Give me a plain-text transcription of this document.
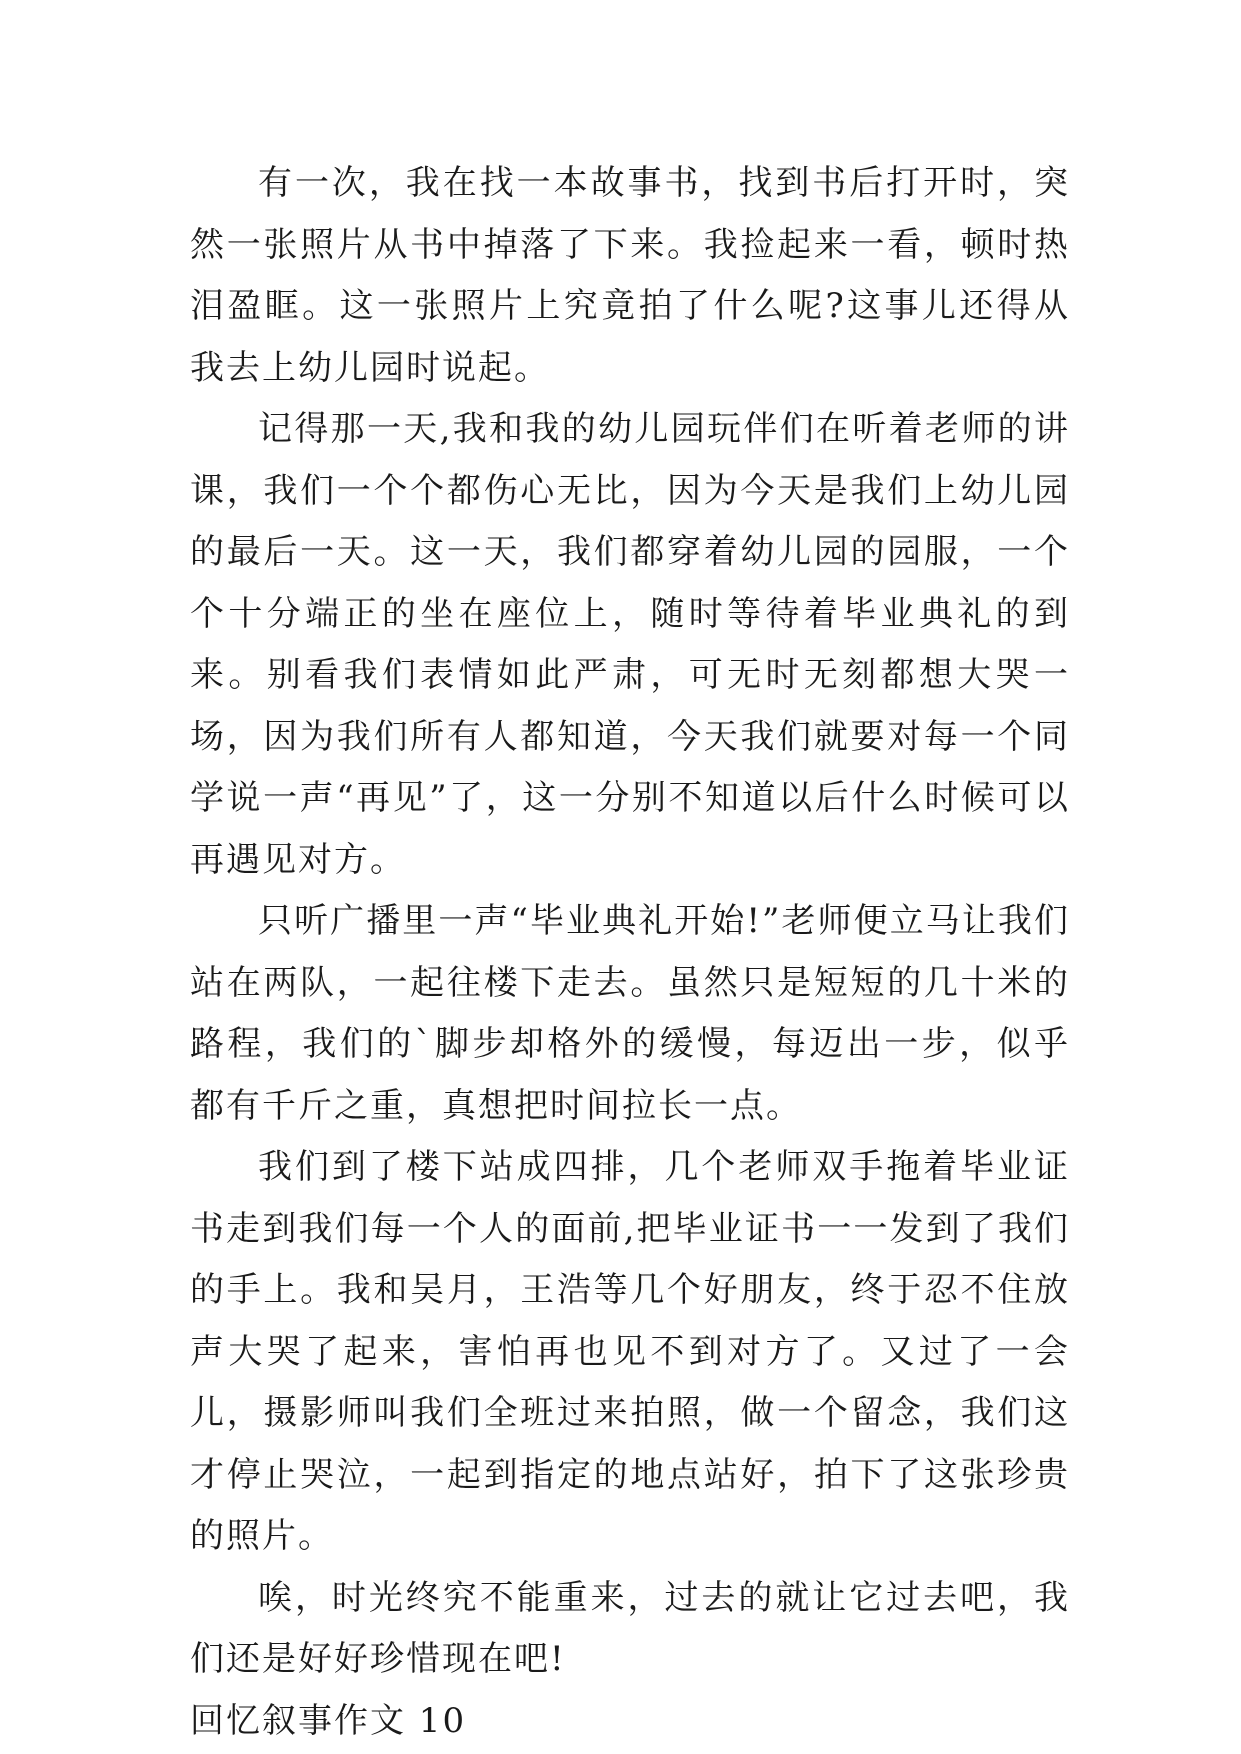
有一次，我在找一本故事书，找到书后打开时，突然一张照片从书中掉落了下来。我捡起来一看，顿时热泪盈眶。这一张照片上究竟拍了什么呢?这事儿还得从我去上幼儿园时说起。

记得那一天,我和我的幼儿园玩伴们在听着老师的讲课，我们一个个都伤心无比，因为今天是我们上幼儿园的最后一天。这一天，我们都穿着幼儿园的园服，一个个十分端正的坐在座位上，随时等待着毕业典礼的到来。别看我们表情如此严肃，可无时无刻都想大哭一场，因为我们所有人都知道，今天我们就要对每一个同学说一声“再见”了，这一分别不知道以后什么时候可以再遇见对方。

只听广播里一声“毕业典礼开始!”老师便立马让我们站在两队，一起往楼下走去。虽然只是短短的几十米的路程，我们的`脚步却格外的缓慢，每迈出一步，似乎都有千斤之重，真想把时间拉长一点。

我们到了楼下站成四排，几个老师双手拖着毕业证书走到我们每一个人的面前,把毕业证书一一发到了我们的手上。我和吴月，王浩等几个好朋友，终于忍不住放声大哭了起来，害怕再也见不到对方了。又过了一会儿，摄影师叫我们全班过来拍照，做一个留念，我们这才停止哭泣，一起到指定的地点站好，拍下了这张珍贵的照片。

唉，时光终究不能重来，过去的就让它过去吧，我们还是好好珍惜现在吧!

回忆叙事作文 10
